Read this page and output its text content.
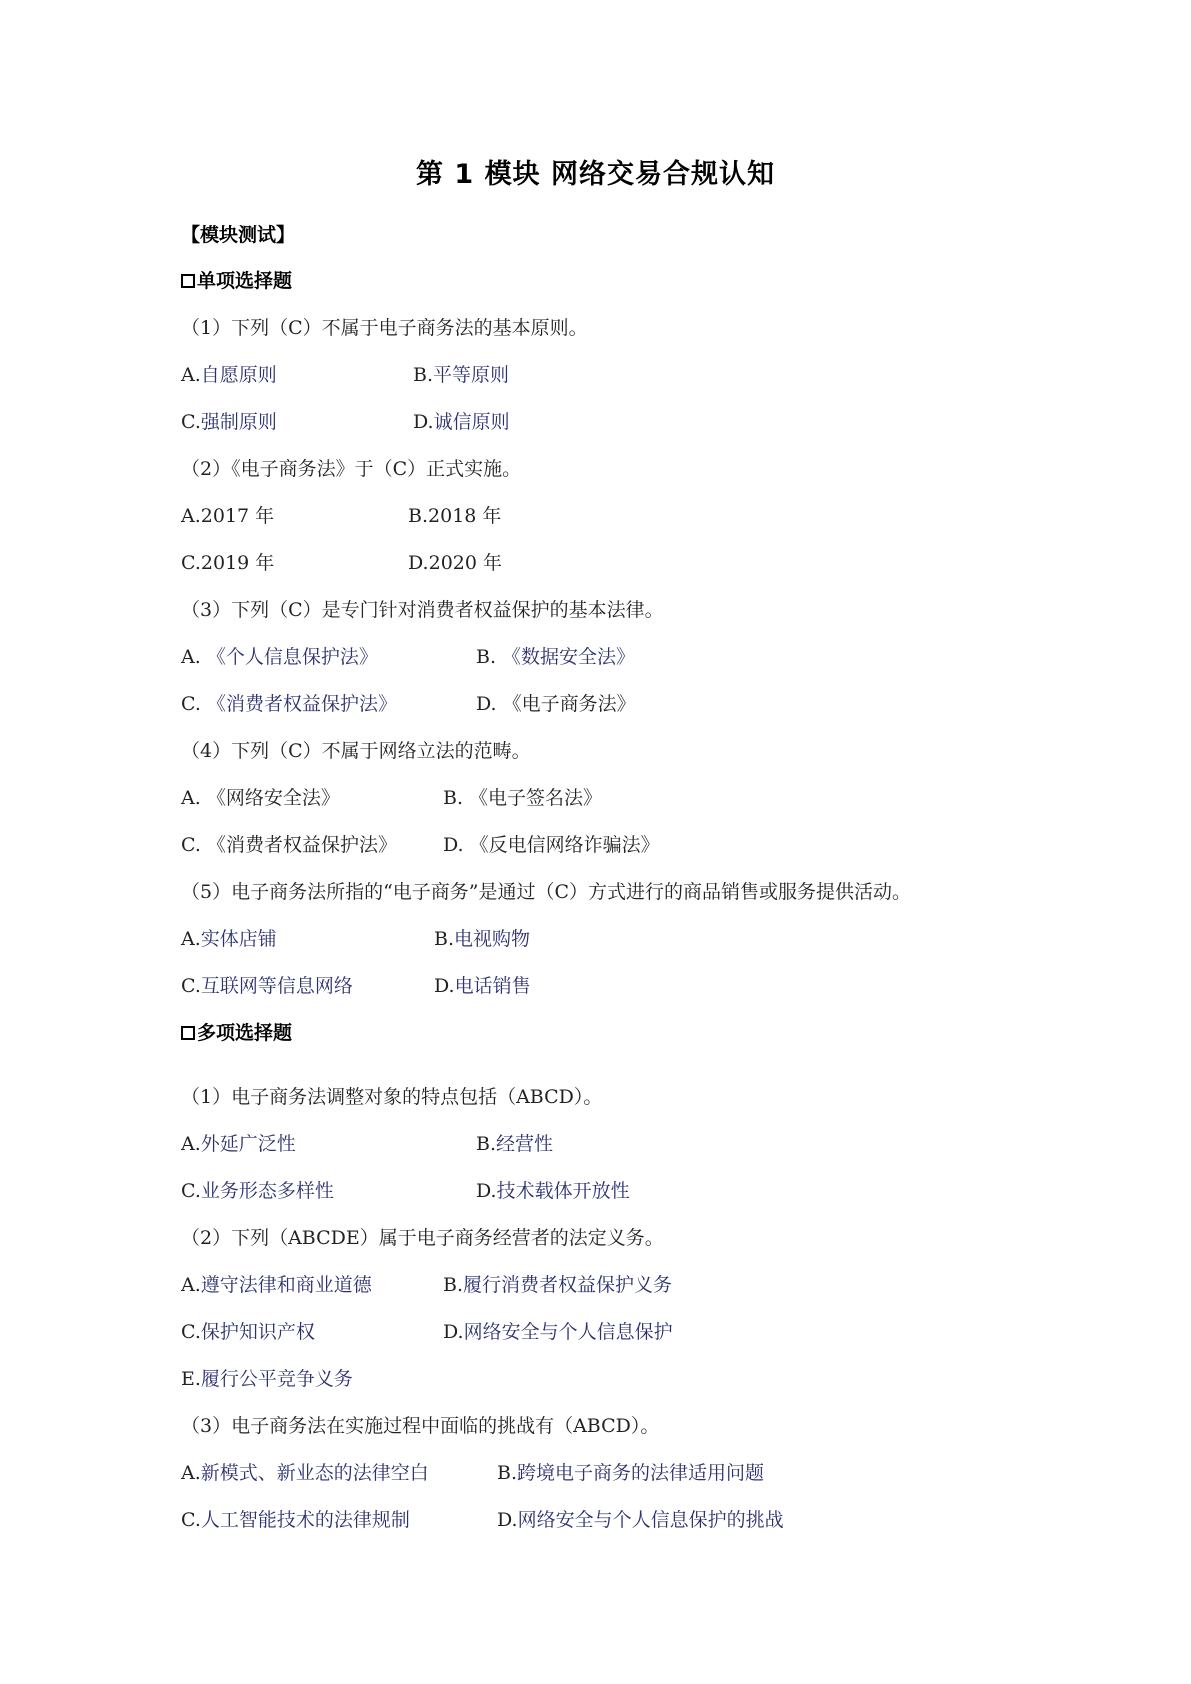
第 1 模块 网络交易合规认知
【模块测试】
单项选择题
（1）下列（C）不属于电子商务法的基本原则。
A.自愿原则	B.平等原则
C.强制原则	D.诚信原则
（2）《电子商务法》于（C）正式实施。
A.2017 年	B.2018 年
C.2019 年	D.2020 年
（3）下列（C）是专门针对消费者权益保护的基本法律。
A. 《个人信息保护法》	B. 《数据安全法》
C. 《消费者权益保护法》	D. 《电子商务法》
（4）下列（C）不属于网络立法的范畴。
A. 《网络安全法》	B. 《电子签名法》
C. 《消费者权益保护法》 D. 《反电信网络诈骗法》
（5）电子商务法所指的“电子商务”是通过（C）方式进行的商品销售或服务提供活动。
A.实体店铺	B.电视购物
C.互联网等信息网络	D.电话销售
多项选择题
（1）电子商务法调整对象的特点包括（ABCD）。
A.外延广泛性	B.经营性
C.业务形态多样性	D.技术载体开放性
（2）下列（ABCDE）属于电子商务经营者的法定义务。
A.遵守法律和商业道德	B.履行消费者权益保护义务
C.保护知识产权	D.网络安全与个人信息保护
E.履行公平竞争义务
（3）电子商务法在实施过程中面临的挑战有（ABCD）。
A.新模式、新业态的法律空白	B.跨境电子商务的法律适用问题
C.人工智能技术的法律规制	D.网络安全与个人信息保护的挑战
